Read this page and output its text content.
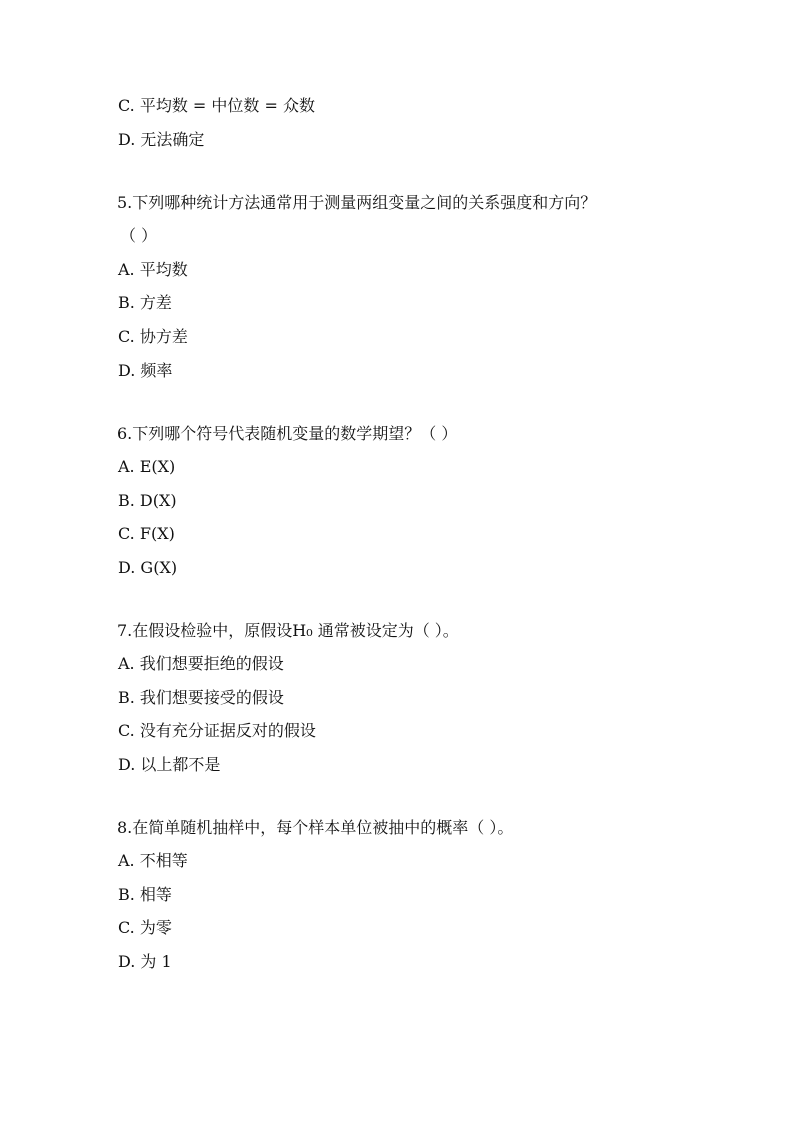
C. 平均数 = 中位数 = 众数
D. 无法确定
5.下列哪种统计方法通常用于测量两组变量之间的关系强度和方向？
（ ）
A. 平均数
B. 方差
C. 协方差
D. 频率
6.下列哪个符号代表随机变量的数学期望？（ ）
A. E(X)
B. D(X)
C. F(X)
D. G(X)
7.在假设检验中，原假设H₀ 通常被设定为（ ）。
A. 我们想要拒绝的假设
B. 我们想要接受的假设
C. 没有充分证据反对的假设
D. 以上都不是
8.在简单随机抽样中，每个样本单位被抽中的概率（ ）。
A. 不相等
B. 相等
C. 为零
D. 为 1
